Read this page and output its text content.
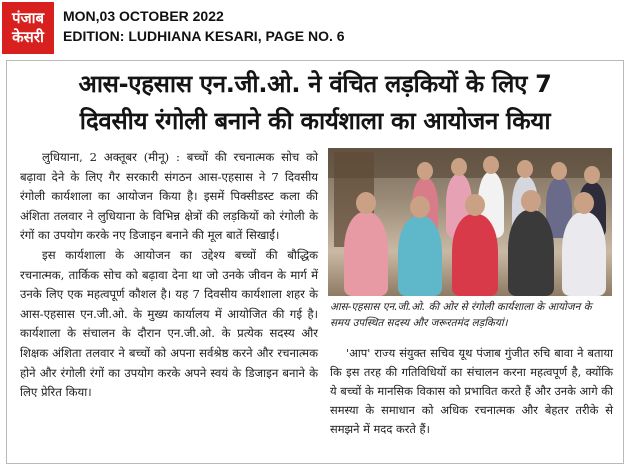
पंजाब
केसरी
MON,03 OCTOBER 2022
EDITION: LUDHIANA KESARI, PAGE NO. 6
आस-एहसास एन.जी.ओ. ने वंचित लड़कियों के लिए 7
दिवसीय रंगोली बनाने की कार्यशाला का आयोजन किया

लुधियाना, 2 अक्तूबर (मीनू) : बच्चों की रचनात्मक सोच को बढ़ावा देने के लिए गैर सरकारी संगठन आस-एहसास ने 7 दिवसीय रंगोली कार्यशाला का आयोजन किया है। इसमें पिक्सीडस्ट कला की अंशिता तलवार ने लुधियाना के विभिन्न क्षेत्रों की लड़कियों को रंगोली के रंगों का उपयोग करके नए डिजाइन बनाने की मूल बातें सिखाईं।

इस कार्यशाला के आयोजन का उद्देश्य बच्चों की बौद्धिक रचनात्मक, तार्किक सोच को बढ़ावा देना था जो उनके जीवन के मार्ग में उनके लिए एक महत्वपूर्ण कौशल है। यह 7 दिवसीय कार्यशाला शहर के आस-एहसास एन.जी.ओ. के मुख्य कार्यालय में आयोजित की गई है। कार्यशाला के संचालन के दौरान एन.जी.ओ. के प्रत्येक सदस्य और शिक्षक अंशिता तलवार ने बच्चों को अपना सर्वश्रेष्ठ करने और रचनात्मक होने और रंगोली रंगों का उपयोग करके अपने स्वयं के डिजाइन बनाने के लिए प्रेरित किया।

आस-एहसास एन.जी.ओ. की ओर से रंगोली कार्यशाला के आयोजन के समय उपस्थित सदस्य और जरूरतमंद लड़कियां।

'आप' राज्य संयुक्त सचिव यूथ पंजाब गुंजीत रुचि बावा ने बताया कि इस तरह की गतिविधियों का संचालन करना महत्वपूर्ण है, क्योंकि ये बच्चों के मानसिक विकास को प्रभावित करते हैं और उनके आगे की समस्या के समाधान को अधिक रचनात्मक और बेहतर तरीके से समझने में मदद करते हैं।
